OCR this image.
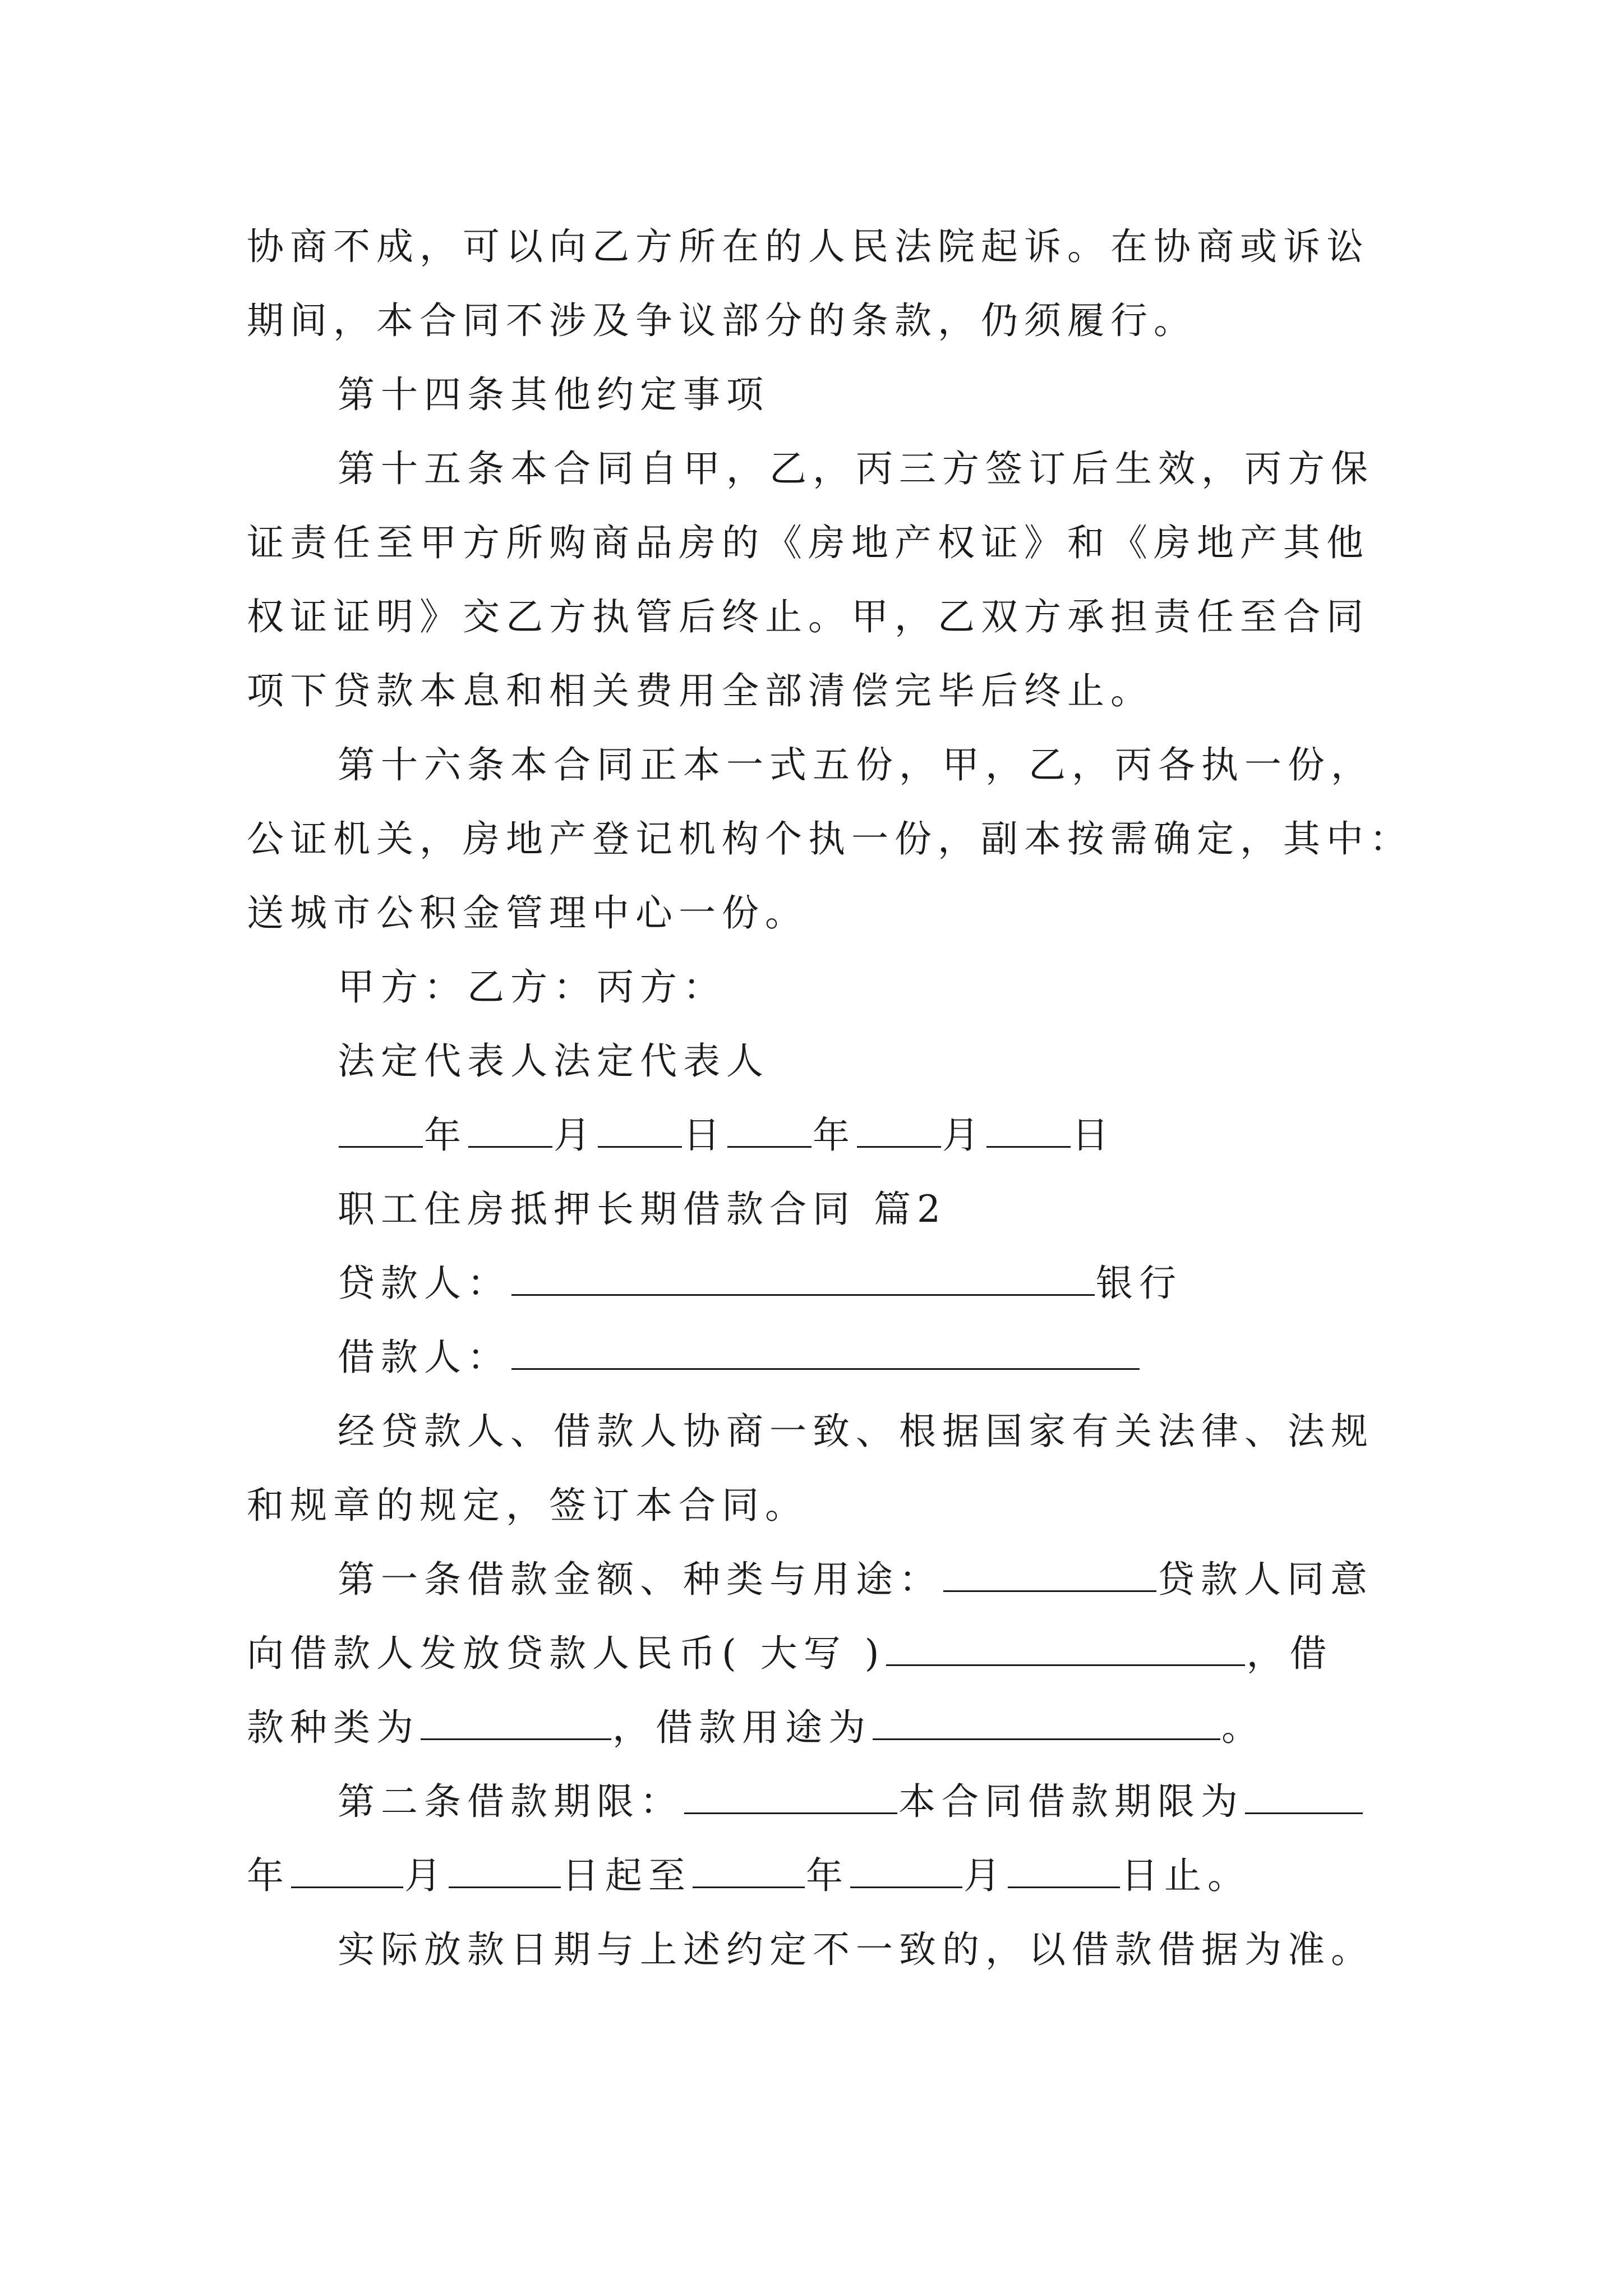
协商不成，可以向乙方所在的人民法院起诉。在协商或诉讼
期间，本合同不涉及争议部分的条款，仍须履行。
第十四条其他约定事项
第十五条本合同自甲，乙，丙三方签订后生效，丙方保
证责任至甲方所购商品房的《房地产权证》和《房地产其他
权证证明》交乙方执管后终止。甲，乙双方承担责任至合同
项下贷款本息和相关费用全部清偿完毕后终止。
第十六条本合同正本一式五份，甲，乙，丙各执一份，
公证机关，房地产登记机构个执一份，副本按需确定，其中：
送城市公积金管理中心一份。
甲方：乙方：丙方：
法定代表人法定代表人
年 月 日 年 月 日
职工住房抵押长期借款合同 篇2
贷款人：	银行
借款人：
经贷款人、借款人协商一致、根据国家有关法律、法规
和规章的规定，签订本合同。
第一条借款金额、种类与用途：	贷款人同意
向借款人发放贷款人民币( 大写 )	，借
款种类为	，借款用途为	。
第二条借款期限：	本合同借款期限为
年	月	日起至	年	月	日止。
实际放款日期与上述约定不一致的，以借款借据为准。
